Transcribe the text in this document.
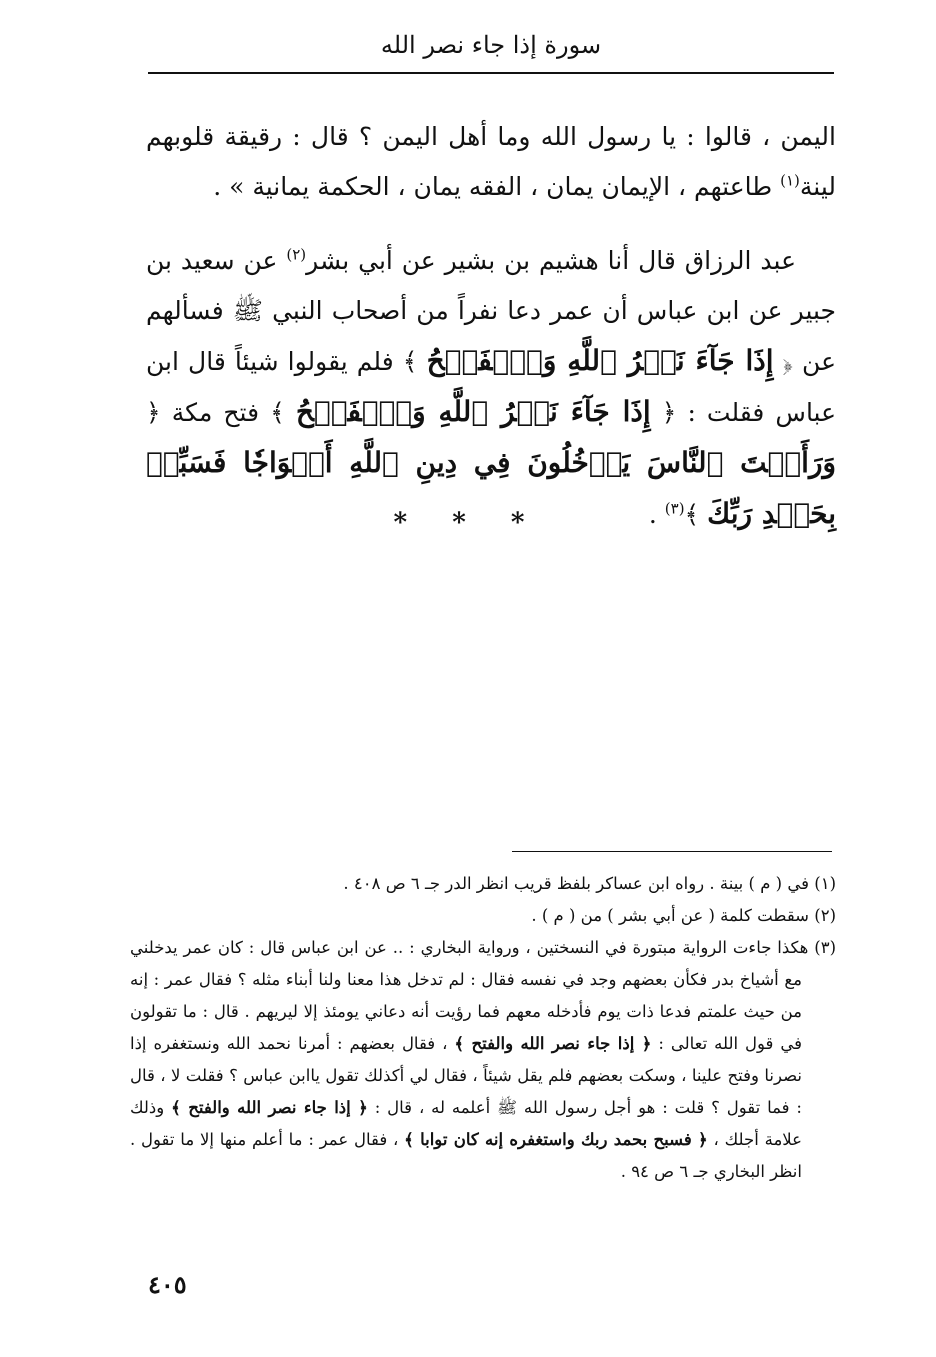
سورة إذا جاء نصر الله

اليمن ، قالوا : يا رسول الله وما أهل اليمن ؟ قال : رقيقة قلوبهم لينة$^{(١)}$ طاعتهم ، الإيمان يمان ، الفقه يمان ، الحكمة يمانية » .

عبد الرزاق قال أنا هشيم بن بشير عن أبي بشر$^{(٢)}$ عن سعيد بن جبير عن ابن عباس أن عمر دعا نفراً من أصحاب النبي ﷺ فسألهم عن ﴿ إِذَا جَآءَ نَصۡرُ ٱللَّهِ وَٱلۡفَتۡحُ ﴾ فلم يقولوا شيئاً قال ابن عباس فقلت : ﴿ إِذَا جَآءَ نَصۡرُ ٱللَّهِ وَٱلۡفَتۡحُ ﴾ فتح مكة ﴿ وَرَأَيۡتَ ٱلنَّاسَ يَدۡخُلُونَ فِي دِينِ ٱللَّهِ أَفۡوَاجٗا فَسَبِّحۡ بِحَمۡدِ رَبِّكَ ﴾$^{(٣)}$ .

* * *

(١) في ( م ) بينة . رواه ابن عساكر بلفظ قريب انظر الدر جـ ٦ ص ٤٠٨ .

(٢) سقطت كلمة ( عن أبي بشر ) من ( م ) .

(٣) هكذا جاءت الرواية مبتورة في النسختين ، ورواية البخاري : .. عن ابن عباس قال : كان عمر يدخلني مع أشياخ بدر فكأن بعضهم وجد في نفسه فقال : لم تدخل هذا معنا ولنا أبناء مثله ؟ فقال عمر : إنه من حيث علمتم فدعا ذات يوم فأدخله معهم فما رؤيت أنه دعاني يومئذ إلا ليريهم . قال : ما تقولون في قول الله تعالى : ﴿ إذا جاء نصر الله والفتح ﴾ ، فقال بعضهم : أمرنا نحمد الله ونستغفره إذا نصرنا وفتح علينا ، وسكت بعضهم فلم يقل شيئاً ، فقال لي أكذلك تقول ياابن عباس ؟ فقلت لا ، قال : فما تقول ؟ قلت : هو أجل رسول الله ﷺ أعلمه له ، قال : ﴿ إذا جاء نصر الله والفتح ﴾ وذلك علامة أجلك ، ﴿ فسبح بحمد ربك واستغفره إنه كان توابا ﴾ ، فقال عمر : ما أعلم منها إلا ما تقول . انظر البخاري جـ ٦ ص ٩٤ .

٤٠٥
